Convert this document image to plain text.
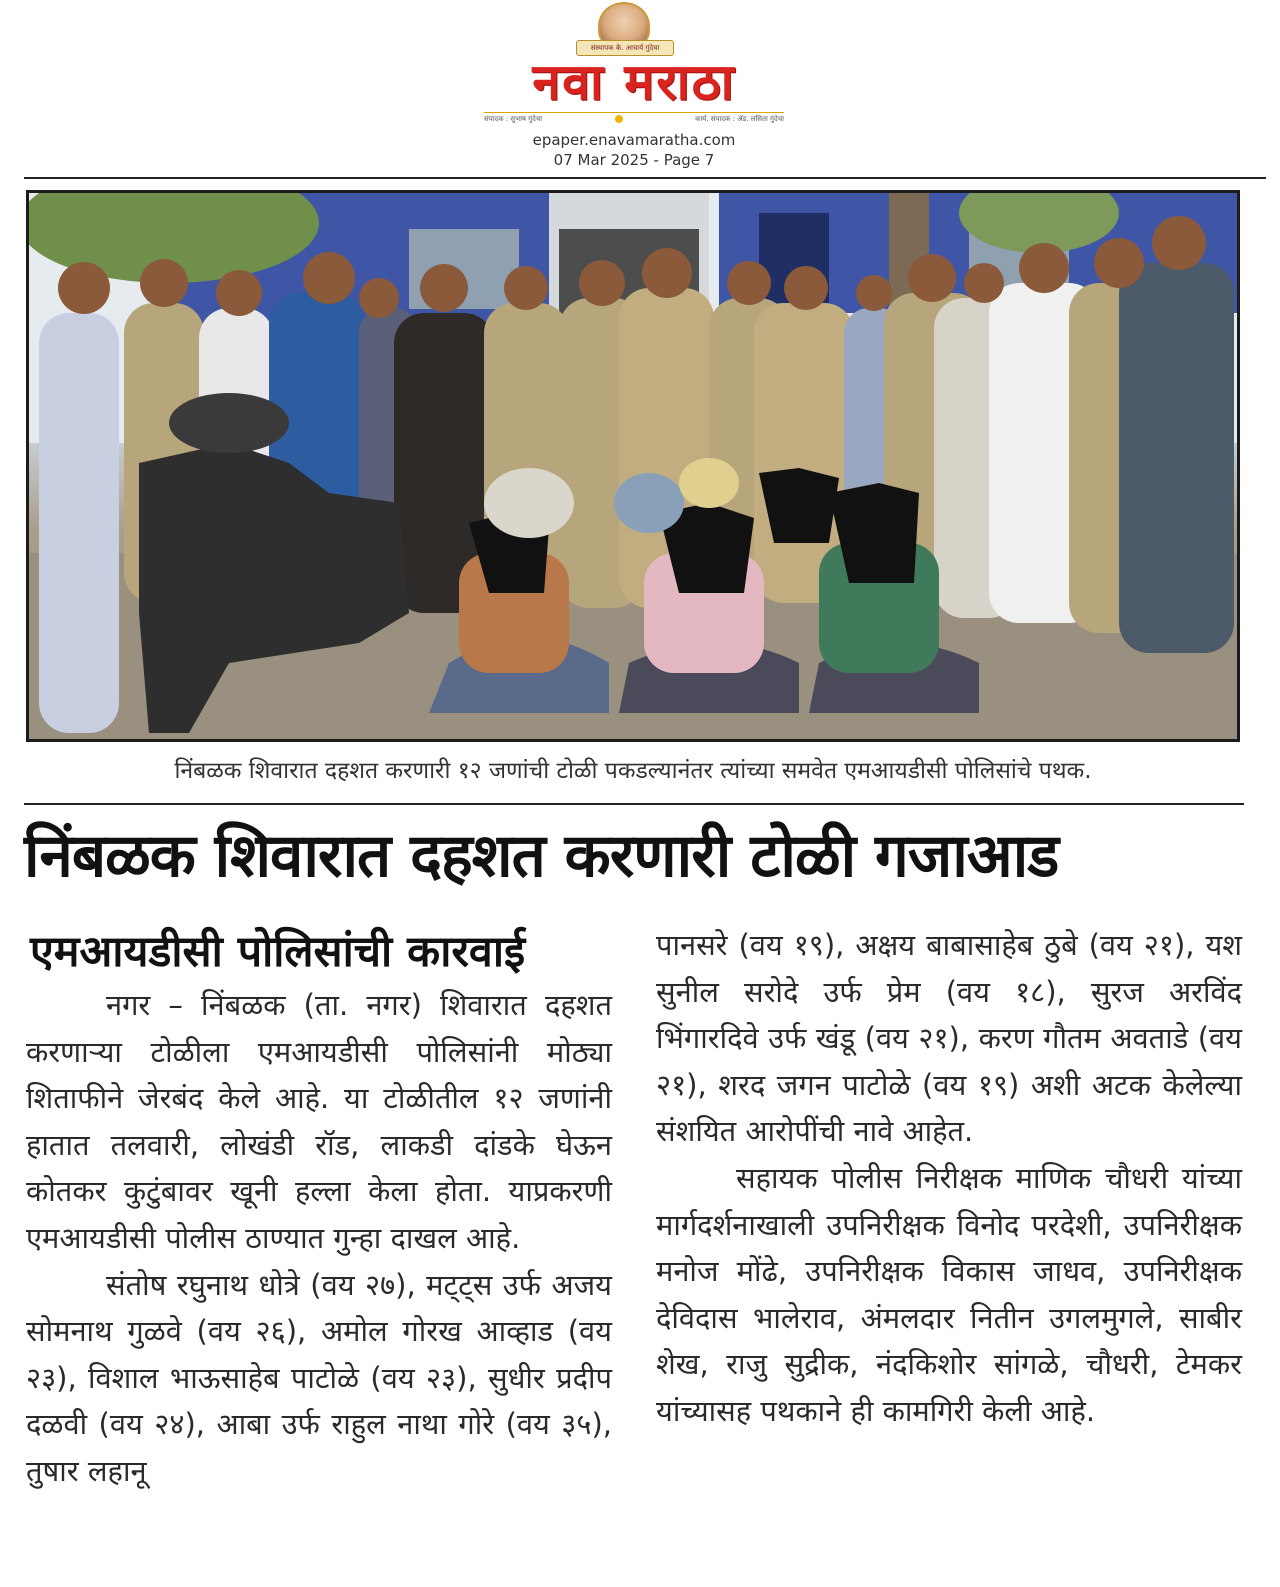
संस्थापक के. आचार्य गुंदेचा
नवा मराठा
संपादक : सुभाष गुंदेचा	कार्य. संपादक : ॲड. लसिता गुंदेचा
epaper.enavamaratha.com
07 Mar 2025 - Page 7
निंबळक शिवारात दहशत करणारी १२ जणांची टोळी पकडल्यानंतर त्यांच्या समवेत एमआयडीसी पोलिसांचे पथक.
निंबळक शिवारात दहशत करणारी टोळी गजाआड
एमआयडीसी पोलिसांची कारवाई

नगर – निंबळक (ता. नगर) शिवारात दहशत करणाऱ्या टोळीला एमआयडीसी पोलिसांनी मोठ्या शिताफीने जेरबंद केले आहे. या टोळीतील १२ जणांनी हातात तलवारी, लोखंडी रॉड, लाकडी दांडके घेऊन कोतकर कुटुंबावर खूनी हल्ला केला होता. याप्रकरणी एमआयडीसी पोलीस ठाण्यात गुन्हा दाखल आहे.

संतोष रघुनाथ धोत्रे (वय २७), मट्ट्स उर्फ अजय सोमनाथ गुळवे (वय २६), अमोल गोरख आव्हाड (वय २३), विशाल भाऊसाहेब पाटोळे (वय २३), सुधीर प्रदीप दळवी (वय २४), आबा उर्फ राहुल नाथा गोरे (वय ३५), तुषार लहानू

पानसरे (वय १९), अक्षय बाबासाहेब ठुबे (वय २१), यश सुनील सरोदे उर्फ प्रेम (वय १८), सुरज अरविंद भिंगारदिवे उर्फ खंडू (वय २१), करण गौतम अवताडे (वय २१), शरद जगन पाटोळे (वय १९) अशी अटक केलेल्या संशयित आरोपींची नावे आहेत.

सहायक पोलीस निरीक्षक माणिक चौधरी यांच्या मार्गदर्शनाखाली उपनिरीक्षक विनोद परदेशी, उपनिरीक्षक मनोज मोंढे, उपनिरीक्षक विकास जाधव, उपनिरीक्षक देविदास भालेराव, अंमलदार नितीन उगलमुगले, साबीर शेख, राजु सुद्रीक, नंदकिशोर सांगळे, चौधरी, टेमकर यांच्यासह पथकाने ही कामगिरी केली आहे.
